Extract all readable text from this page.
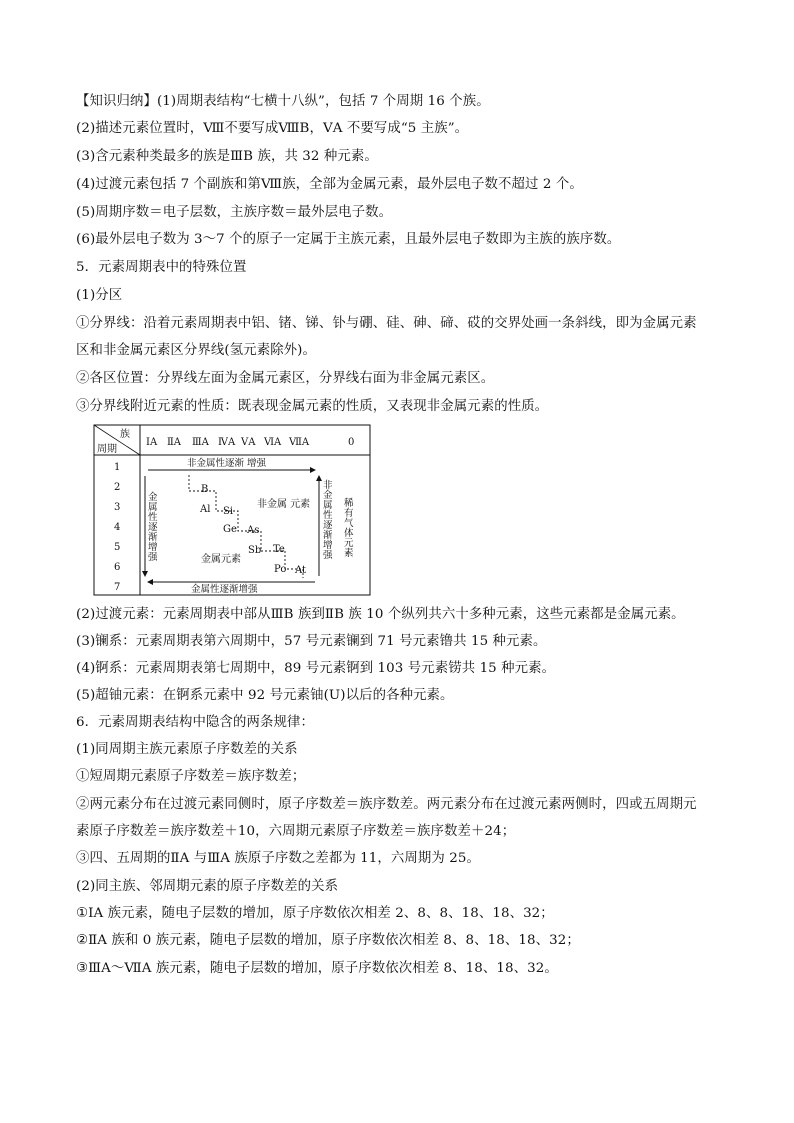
【知识归纳】(1)周期表结构“七横十八纵”，包括 7 个周期 16 个族。
(2)描述元素位置时，Ⅷ不要写成ⅧB，ⅤA 不要写成“5 主族”。
(3)含元素种类最多的族是ⅢB 族，共 32 种元素。
(4)过渡元素包括 7 个副族和第Ⅷ族，全部为金属元素，最外层电子数不超过 2 个。
(5)周期序数＝电子层数，主族序数＝最外层电子数。
(6)最外层电子数为 3～7 个的原子一定属于主族元素，且最外层电子数即为主族的族序数。
5．元素周期表中的特殊位置
(1)分区
①分界线：沿着元素周期表中铝、锗、锑、钋与硼、硅、砷、碲、砹的交界处画一条斜线，即为金属元素
区和非金属元素区分界线(氢元素除外)。
②各区位置：分界线左面为金属元素区，分界线右面为非金属元素区。
③分界线附近元素的性质：既表现金属元素的性质，又表现非金属元素的性质。
族
周期
ⅠA ⅡA ⅢA ⅣA ⅤA ⅥA ⅦA	0
1
2
3
4
5
6
7
非金属性逐渐 增强
金属性逐渐增强
金
属
性
逐
渐
增
强
非
金
属
性
逐
渐
增
强
稀
有
气
体
元
素
B
Al Si
Ge As
Sb Te
Po At
非金属 元素
金属元素
(2)过渡元素：元素周期表中部从ⅢB 族到ⅡB 族 10 个纵列共六十多种元素，这些元素都是金属元素。
(3)镧系：元素周期表第六周期中，57 号元素镧到 71 号元素镥共 15 种元素。
(4)锕系：元素周期表第七周期中，89 号元素锕到 103 号元素铹共 15 种元素。
(5)超铀元素：在锕系元素中 92 号元素铀(U)以后的各种元素。
6．元素周期表结构中隐含的两条规律：
(1)同周期主族元素原子序数差的关系
①短周期元素原子序数差＝族序数差；
②两元素分布在过渡元素同侧时，原子序数差＝族序数差。两元素分布在过渡元素两侧时，四或五周期元
素原子序数差＝族序数差＋10，六周期元素原子序数差＝族序数差＋24；
③四、五周期的ⅡA 与ⅢA 族原子序数之差都为 11，六周期为 25。
(2)同主族、邻周期元素的原子序数差的关系
①ⅠA 族元素，随电子层数的增加，原子序数依次相差 2、8、8、18、18、32；
②ⅡA 族和 0 族元素，随电子层数的增加，原子序数依次相差 8、8、18、18、32；
③ⅢA～ⅦA 族元素，随电子层数的增加，原子序数依次相差 8、18、18、32。
